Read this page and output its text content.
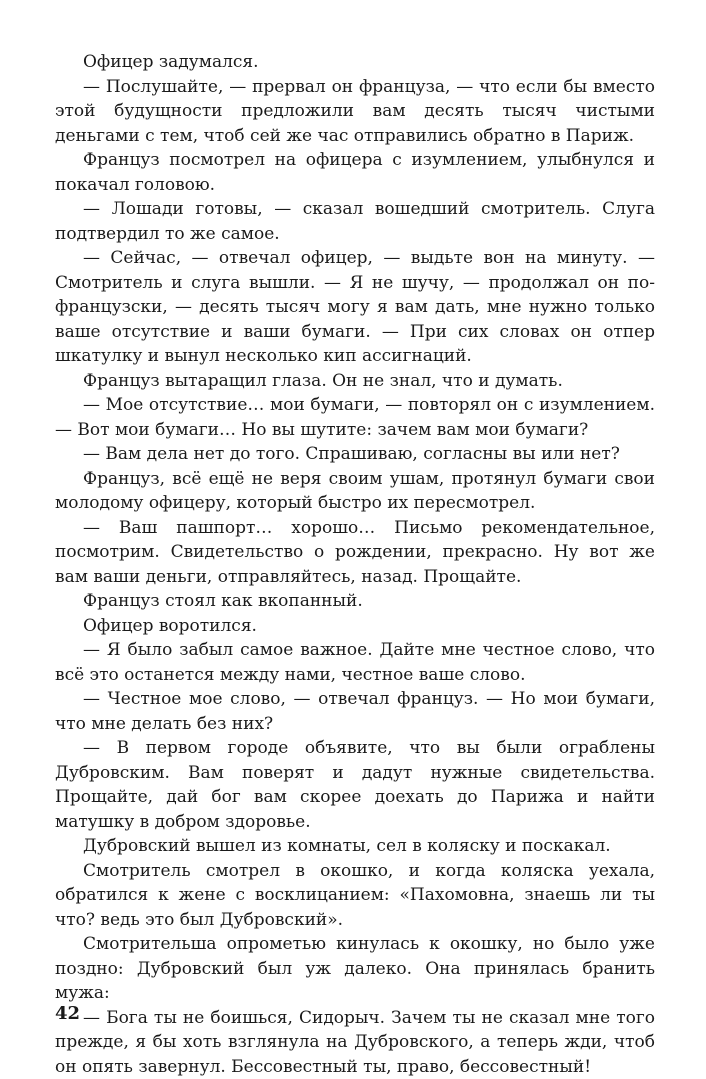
Офицер задумался.

— Послушайте, — прервал он француза, — что если бы вместо этой будущности предложили вам десять тысяч чистыми деньгами с тем, чтоб сей же час отправились обратно в Париж.

Француз посмотрел на офицера с изумлением, улыбнулся и покачал головою.

— Лошади готовы, — сказал вошедший смотритель. Слуга подтвердил то же самое.

— Сейчас, — отвечал офицер, — выдьте вон на минуту. — Смотритель и слуга вышли. — Я не шучу, — продолжал он по-французски, — десять тысяч могу я вам дать, мне нужно только ваше отсутствие и ваши бумаги. — При сих словах он отпер шкатулку и вынул несколько кип ассигнаций.

Француз вытаращил глаза. Он не знал, что и думать.

— Мое отсутствие… мои бумаги, — повторял он с изумлением. — Вот мои бумаги… Но вы шутите: зачем вам мои бумаги?

— Вам дела нет до того. Спрашиваю, согласны вы или нет?

Француз, всё ещё не веря своим ушам, протянул бумаги свои молодому офицеру, который быстро их пересмотрел.

— Ваш пашпорт… хорошо… Письмо рекомендательное, посмотрим. Свидетельство о рождении, прекрасно. Ну вот же вам ваши деньги, отправляйтесь, назад. Прощайте.

Француз стоял как вкопанный.

Офицер воротился.

— Я было забыл самое важное. Дайте мне честное слово, что всё это останется между нами, честное ваше слово.

— Честное мое слово, — отвечал француз. — Но мои бумаги, что мне делать без них?

— В первом городе объявите, что вы были ограблены Дубровским. Вам поверят и дадут нужные свидетельства. Прощайте, дай бог вам скорее доехать до Парижа и найти матушку в добром здоровье.

Дубровский вышел из комнаты, сел в коляску и поскакал.

Смотритель смотрел в окошко, и когда коляска уехала, обратился к жене с восклицанием: «Пахомовна, знаешь ли ты что? ведь это был Дубровский».

Смотрительша опрометью кинулась к окошку, но было уже поздно: Дубровский был уж далеко. Она принялась бранить мужа:

— Бога ты не боишься, Сидорыч. Зачем ты не сказал мне того прежде, я бы хоть взглянула на Дубровского, а теперь жди, чтоб он опять завернул. Бессовестный ты, право, бессовестный!

42
